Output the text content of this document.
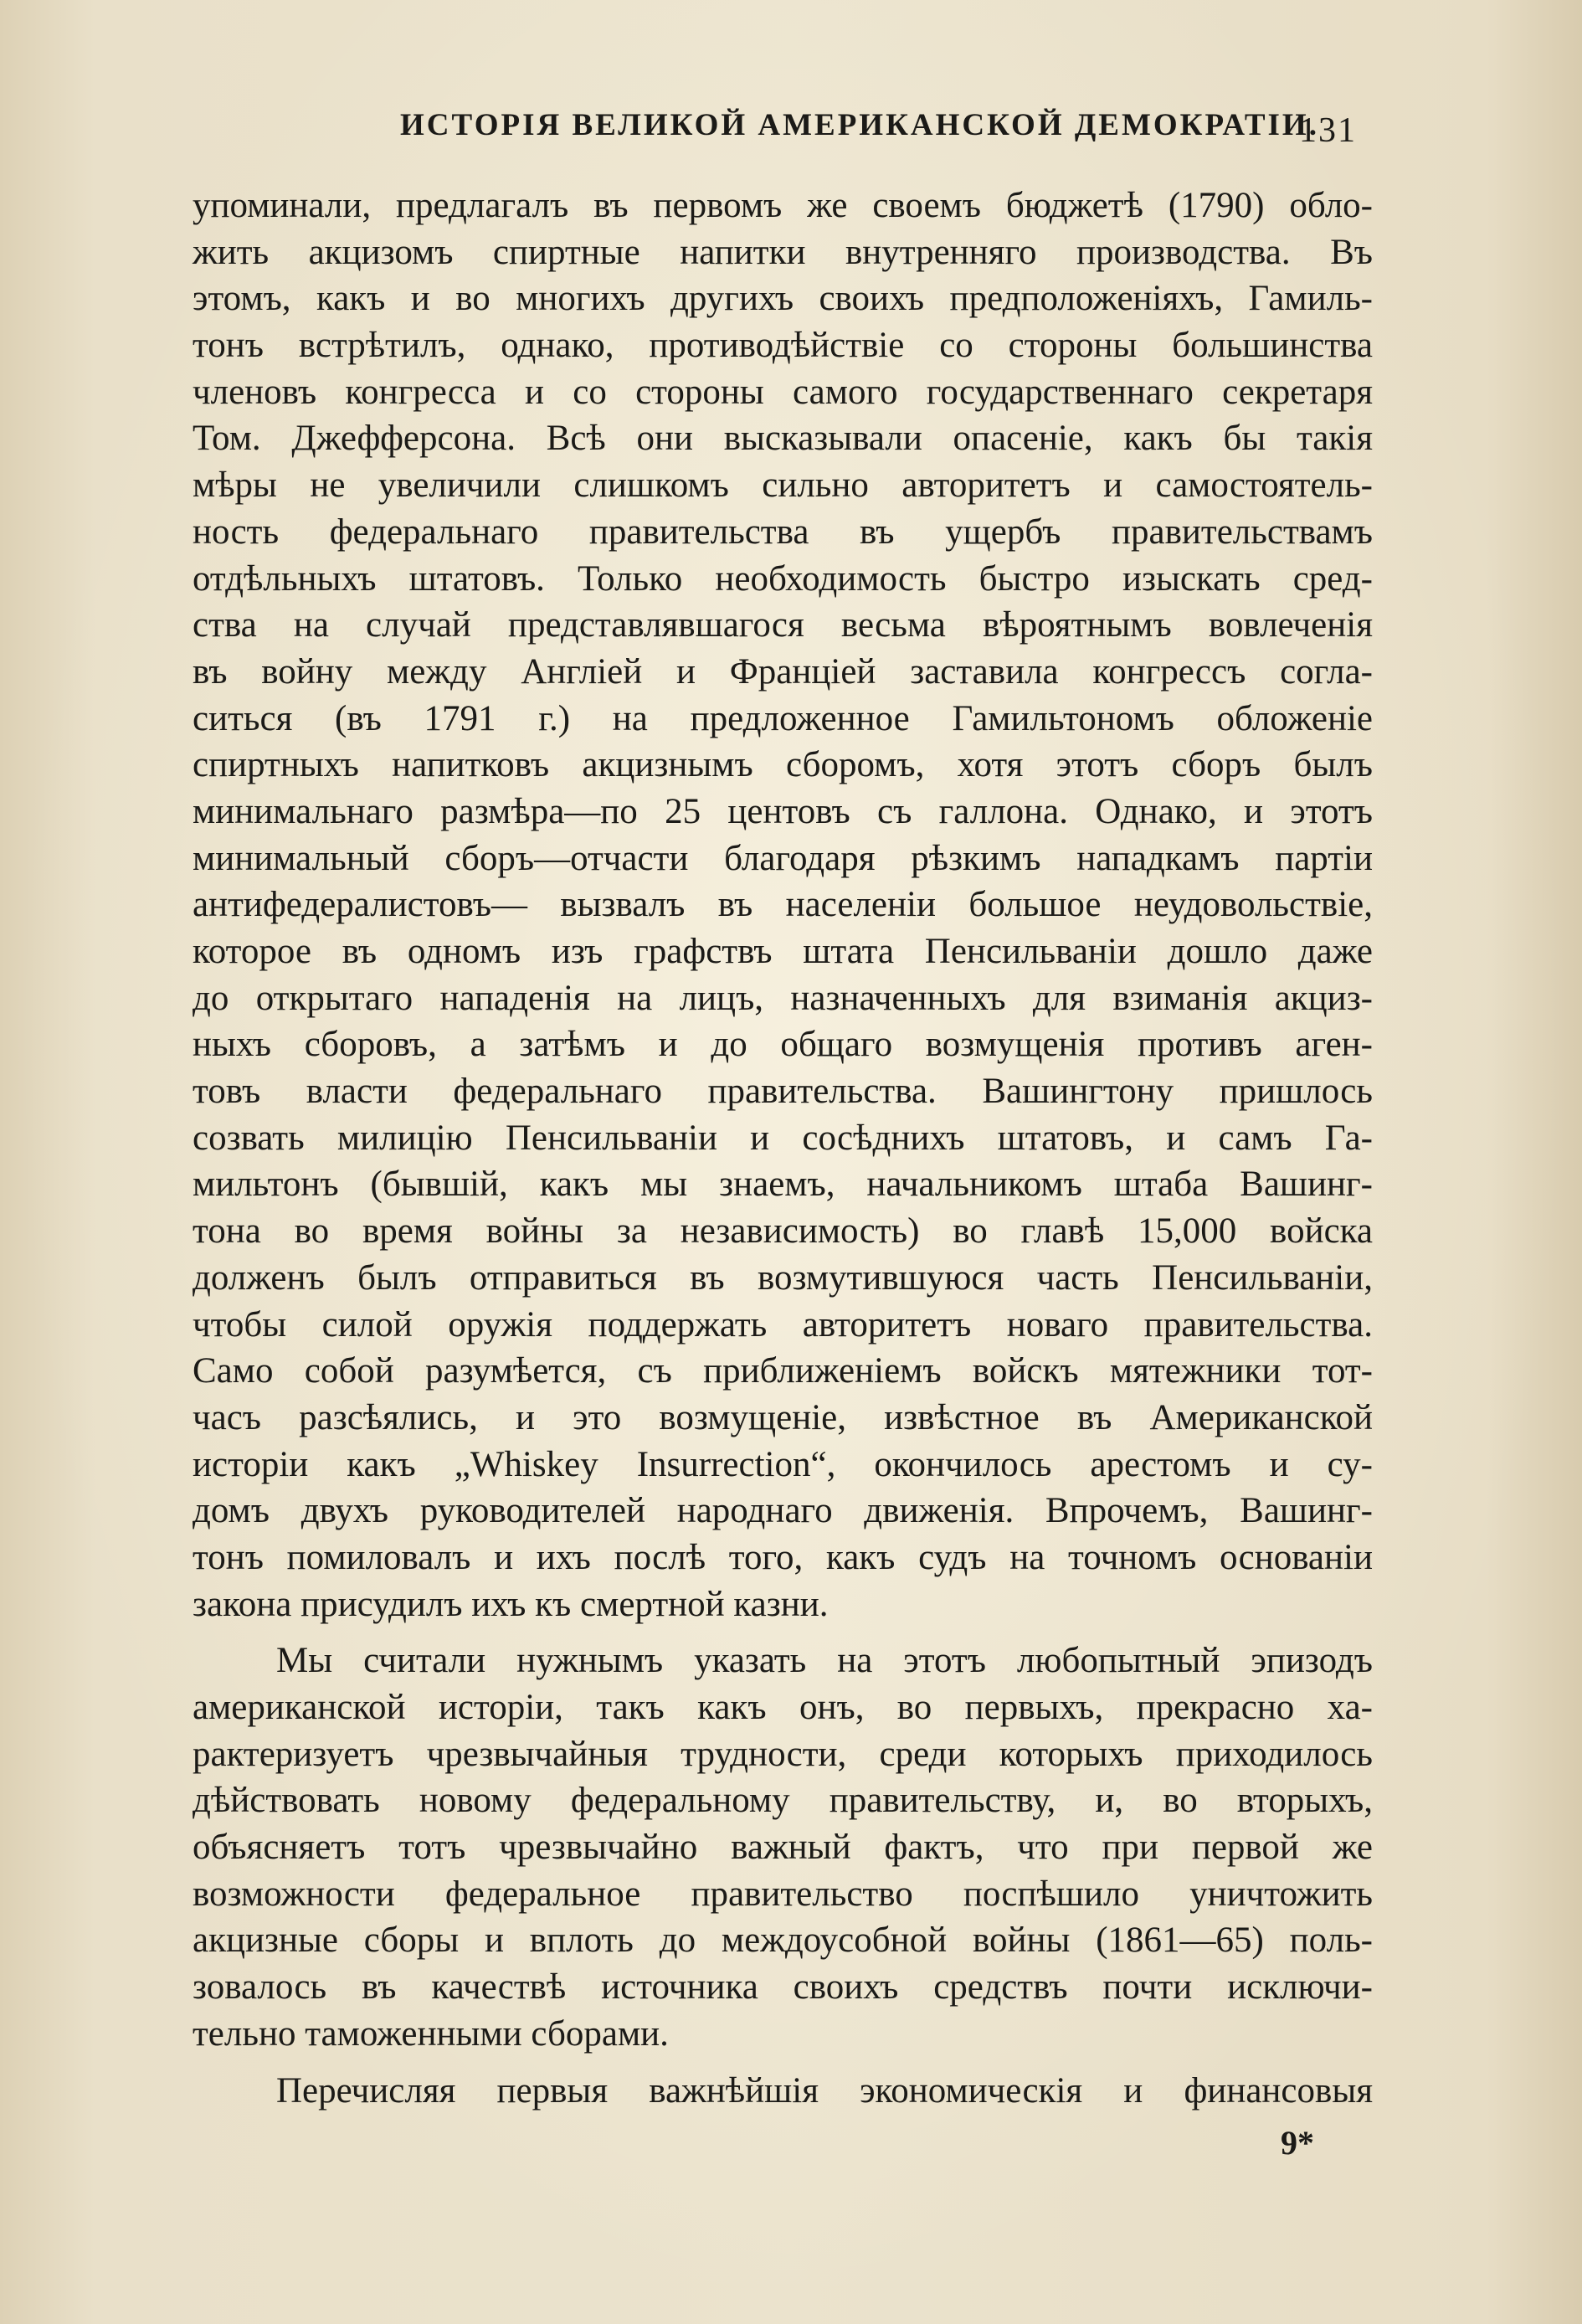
ИСТОРІЯ ВЕЛИКОЙ АМЕРИКАНСКОЙ ДЕМОКРАТІИ.
131
упоминали, предлагалъ въ первомъ же своемъ бюджетѣ (1790) обло-
жить акцизомъ спиртные напитки внутренняго производства. Въ
этомъ, какъ и во многихъ другихъ своихъ предположеніяхъ, Гамиль-
тонъ встрѣтилъ, однако, противодѣйствіе со стороны большинства
членовъ конгресса и со стороны самого государственнаго секретаря
Том. Джефферсона. Всѣ они высказывали опасеніе, какъ бы такія
мѣры не увеличили слишкомъ сильно авторитетъ и самостоятель-
ность федеральнаго правительства въ ущербъ правительствамъ
отдѣльныхъ штатовъ. Только необходимость быстро изыскать сред-
ства на случай представлявшагося весьма вѣроятнымъ вовлеченія
въ войну между Англіей и Франціей заставила конгрессъ согла-
ситься (въ 1791 г.) на предложенное Гамильтономъ обложеніе
спиртныхъ напитковъ акцизнымъ сборомъ, хотя этотъ сборъ былъ
минимальнаго размѣра—по 25 центовъ съ галлона. Однако, и этотъ
минимальный сборъ—отчасти благодаря рѣзкимъ нападкамъ партіи
антифедералистовъ— вызвалъ въ населеніи большое неудовольствіе,
которое въ одномъ изъ графствъ штата Пенсильваніи дошло даже
до открытаго нападенія на лицъ, назначенныхъ для взиманія акциз-
ныхъ сборовъ, а затѣмъ и до общаго возмущенія противъ аген-
товъ власти федеральнаго правительства. Вашингтону пришлось
созвать милицію Пенсильваніи и сосѣднихъ штатовъ, и самъ Га-
мильтонъ (бывшій, какъ мы знаемъ, начальникомъ штаба Вашинг-
тона во время войны за независимость) во главѣ 15,000 войска
долженъ былъ отправиться въ возмутившуюся часть Пенсильваніи,
чтобы силой оружія поддержать авторитетъ новаго правительства.
Само собой разумѣется, съ приближеніемъ войскъ мятежники тот-
часъ разсѣялись, и это возмущеніе, извѣстное въ Американской
исторіи какъ „Whiskey Insurrection“, окончилось арестомъ и су-
домъ двухъ руководителей народнаго движенія. Впрочемъ, Вашинг-
тонъ помиловалъ и ихъ послѣ того, какъ судъ на точномъ основаніи
закона присудилъ ихъ къ смертной казни.
Мы считали нужнымъ указать на этотъ любопытный эпизодъ
американской исторіи, такъ какъ онъ, во первыхъ, прекрасно ха-
рактеризуетъ чрезвычайныя трудности, среди которыхъ приходилось
дѣйствовать новому федеральному правительству, и, во вторыхъ,
объясняетъ тотъ чрезвычайно важный фактъ, что при первой же
возможности федеральное правительство поспѣшило уничтожить
акцизные сборы и вплоть до междоусобной войны (1861—65) поль-
зовалось въ качествѣ источника своихъ средствъ почти исключи-
тельно таможенными сборами.
Перечисляя первыя важнѣйшія экономическія и финансовыя
9*
